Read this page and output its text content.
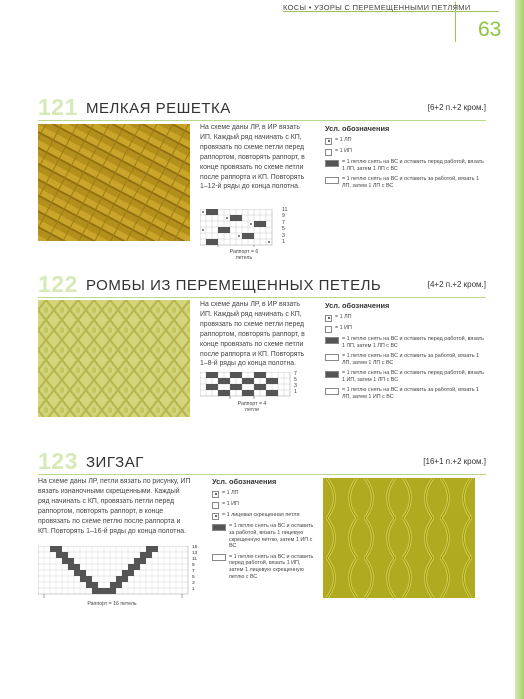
КОСЫ • УЗОРЫ С ПЕРЕМЕЩЕННЫМИ ПЕТЛЯМИ
63
121 МЕЛКАЯ РЕШЕТКА	[6+2 п.+2 кром.]
На схеме даны ЛР, в ИР вязать ИП. Каждый ряд начинать с КП, провязать по схеме петли перед раппортом, повторять раппорт, в конце провязать по схеме петли после раппорта и КП. Повторять 1–12-й ряды до конца полотна.
Усл. обозначения
= 1 ЛП
= 1 ИП
= 1 петлю снять на ВС и оставить перед работой, вязать 1 ЛП, затем 1 ЛП с ВС
= 1 петлю снять на ВС и оставить за работой, вязать 1 ЛП, затем 1 ЛП с ВС
11
9
7
5
3
1
Раппорт = 6 петель
122 РОМБЫ ИЗ ПЕРЕМЕЩЕННЫХ ПЕТЕЛЬ	[4+2 п.+2 кром.]
На схеме даны ЛР, в ИР вязать ИП. Каждый ряд начинать с КП, провязать по схеме петли перед раппортом, повторять раппорт, в конце провязать по схеме петли после раппорта и КП. Повторять 1–8-й ряды до конца полотна.
Усл. обозначения
= 1 ЛП
= 1 ИП
= 1 петлю снять на ВС и оставить перед работой, вязать 1 ЛП, затем 1 ЛП с ВС
= 1 петлю снять на ВС и оставить за работой, вязать 1 ЛП, затем 1 ЛП с ВС
= 1 петлю снять на ВС и оставить перед работой, вязать 1 ИП, затем 1 ЛП с ВС
= 1 петлю снять на ВС и оставить за работой, вязать 1 ЛП, затем 1 ИП с ВС
7
5
3
1
Раппорт = 4 петли
123 ЗИГЗАГ	[16+1 п.+2 кром.]
На схеме даны ЛР, петли вязать по рисунку, ИП вязать изнаночными скрещенными. Каждый ряд начинать с КП, провязать петли перед раппортом, повторять раппорт, в конце провязать по схеме петлю после раппорта и КП. Повторять 1–16-й ряды до конца полотна.
Усл. обозначения
= 1 ЛП
= 1 ИП
= 1 лицевая скрещенная петля
= 1 петлю снять на ВС и оставить за работой, вязать 1 лицевую скрещенную петлю, затем 1 ИП с ВС
= 1 петлю снять на ВС и оставить перед работой, вязать 1 ИП, затем 1 лицевую скрещенную петлю с ВС
15
13
11
9
7
5
3
1
Раппорт = 16 петель
